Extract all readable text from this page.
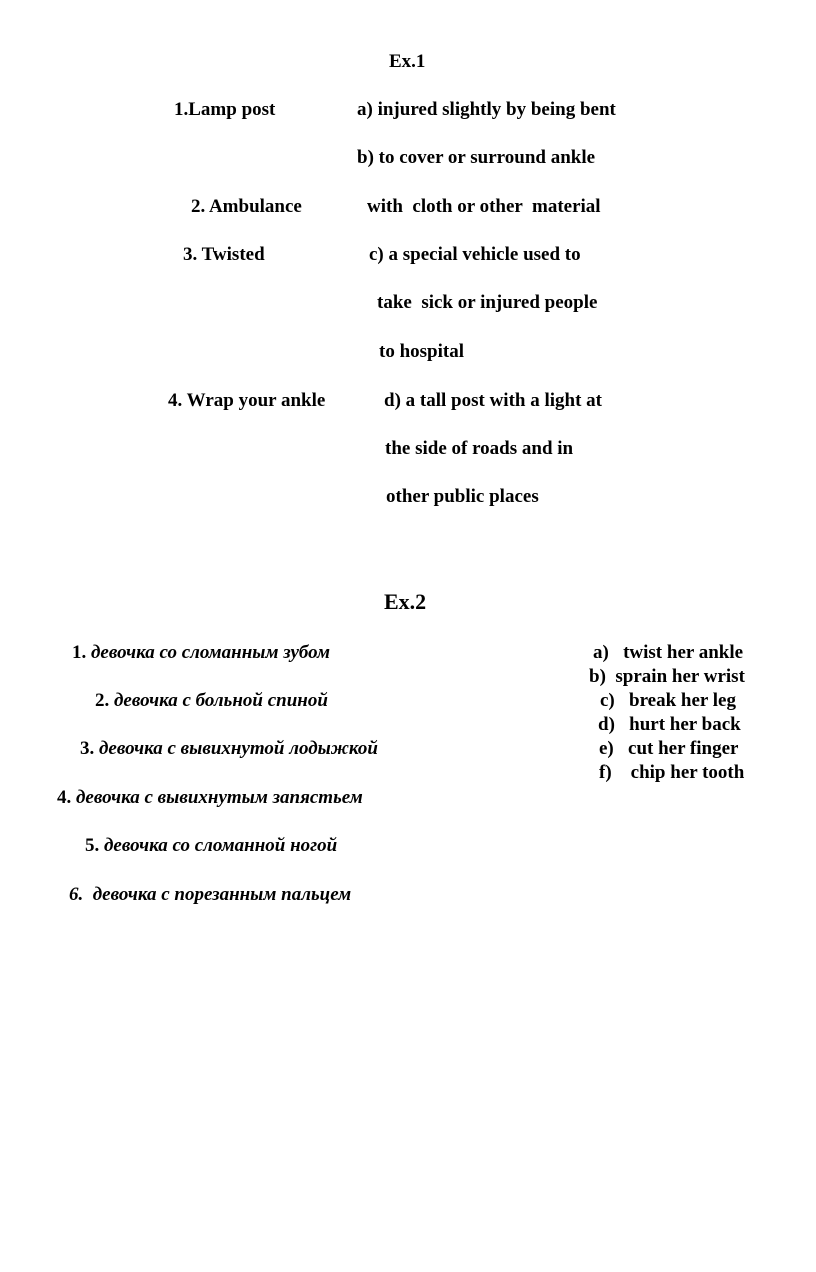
Ex.1
1.Lamp post
2. Ambulance
3. Twisted
4. Wrap your ankle
a) injured slightly by being bent
b) to cover or surround ankle
with  cloth or other  material
c) a special vehicle used to
take  sick or injured people
to hospital
d) a tall post with a light at
the side of roads and in
other public places
Ex.2
1. девочка со сломанным зубом
2. девочка с больной спиной
3. девочка с вывихнутой лодыжкой
4. девочка с вывихнутым запястьем
5. девочка со сломанной ногой
6. девочка с порезанным пальцем
a) twist her ankle
b) sprain her wrist
c) break her leg
d) hurt her back
e) cut her finger
f) chip her tooth
